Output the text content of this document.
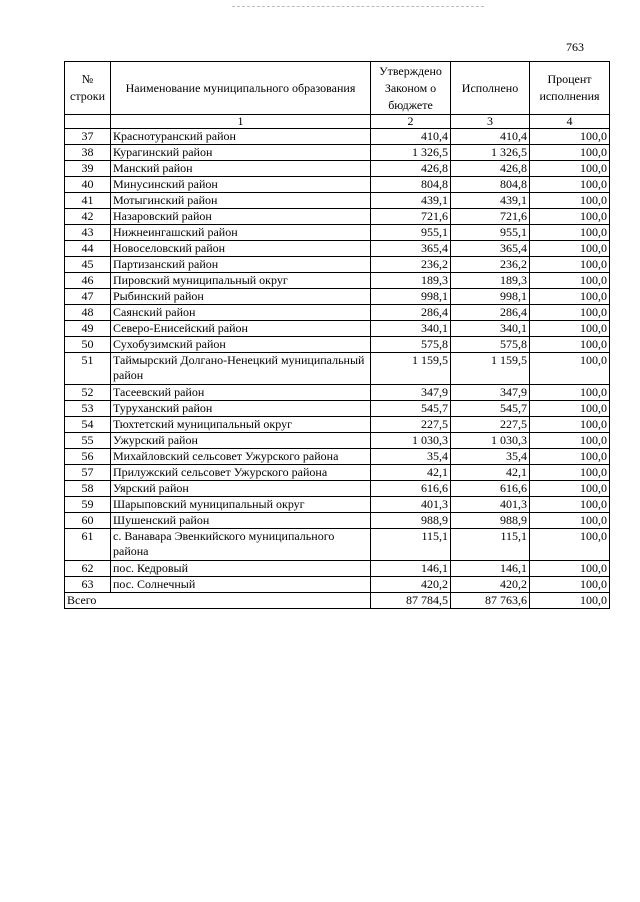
763
№ строки	Наименование муниципального образования	Утверждено Законом о бюджете	Исполнено	Процент исполнения
	1	2	3	4
37	Краснотуранский район	410,4	410,4	100,0
38	Курагинский район	1 326,5	1 326,5	100,0
39	Манский район	426,8	426,8	100,0
40	Минусинский район	804,8	804,8	100,0
41	Мотыгинский район	439,1	439,1	100,0
42	Назаровский район	721,6	721,6	100,0
43	Нижнеингашский район	955,1	955,1	100,0
44	Новоселовский район	365,4	365,4	100,0
45	Партизанский район	236,2	236,2	100,0
46	Пировский муниципальный округ	189,3	189,3	100,0
47	Рыбинский район	998,1	998,1	100,0
48	Саянский район	286,4	286,4	100,0
49	Северо-Енисейский район	340,1	340,1	100,0
50	Сухобузимский район	575,8	575,8	100,0
51	Таймырский Долгано-Ненецкий муниципальный район	1 159,5	1 159,5	100,0
52	Тасеевский район	347,9	347,9	100,0
53	Туруханский район	545,7	545,7	100,0
54	Тюхтетский муниципальный округ	227,5	227,5	100,0
55	Ужурский район	1 030,3	1 030,3	100,0
56	Михайловский сельсовет Ужурского района	35,4	35,4	100,0
57	Прилужский сельсовет Ужурского района	42,1	42,1	100,0
58	Уярский район	616,6	616,6	100,0
59	Шарыповский муниципальный округ	401,3	401,3	100,0
60	Шушенский район	988,9	988,9	100,0
61	с. Ванавара Эвенкийского муниципального района	115,1	115,1	100,0
62	пос. Кедровый	146,1	146,1	100,0
63	пос. Солнечный	420,2	420,2	100,0
Всего		87 784,5	87 763,6	100,0
